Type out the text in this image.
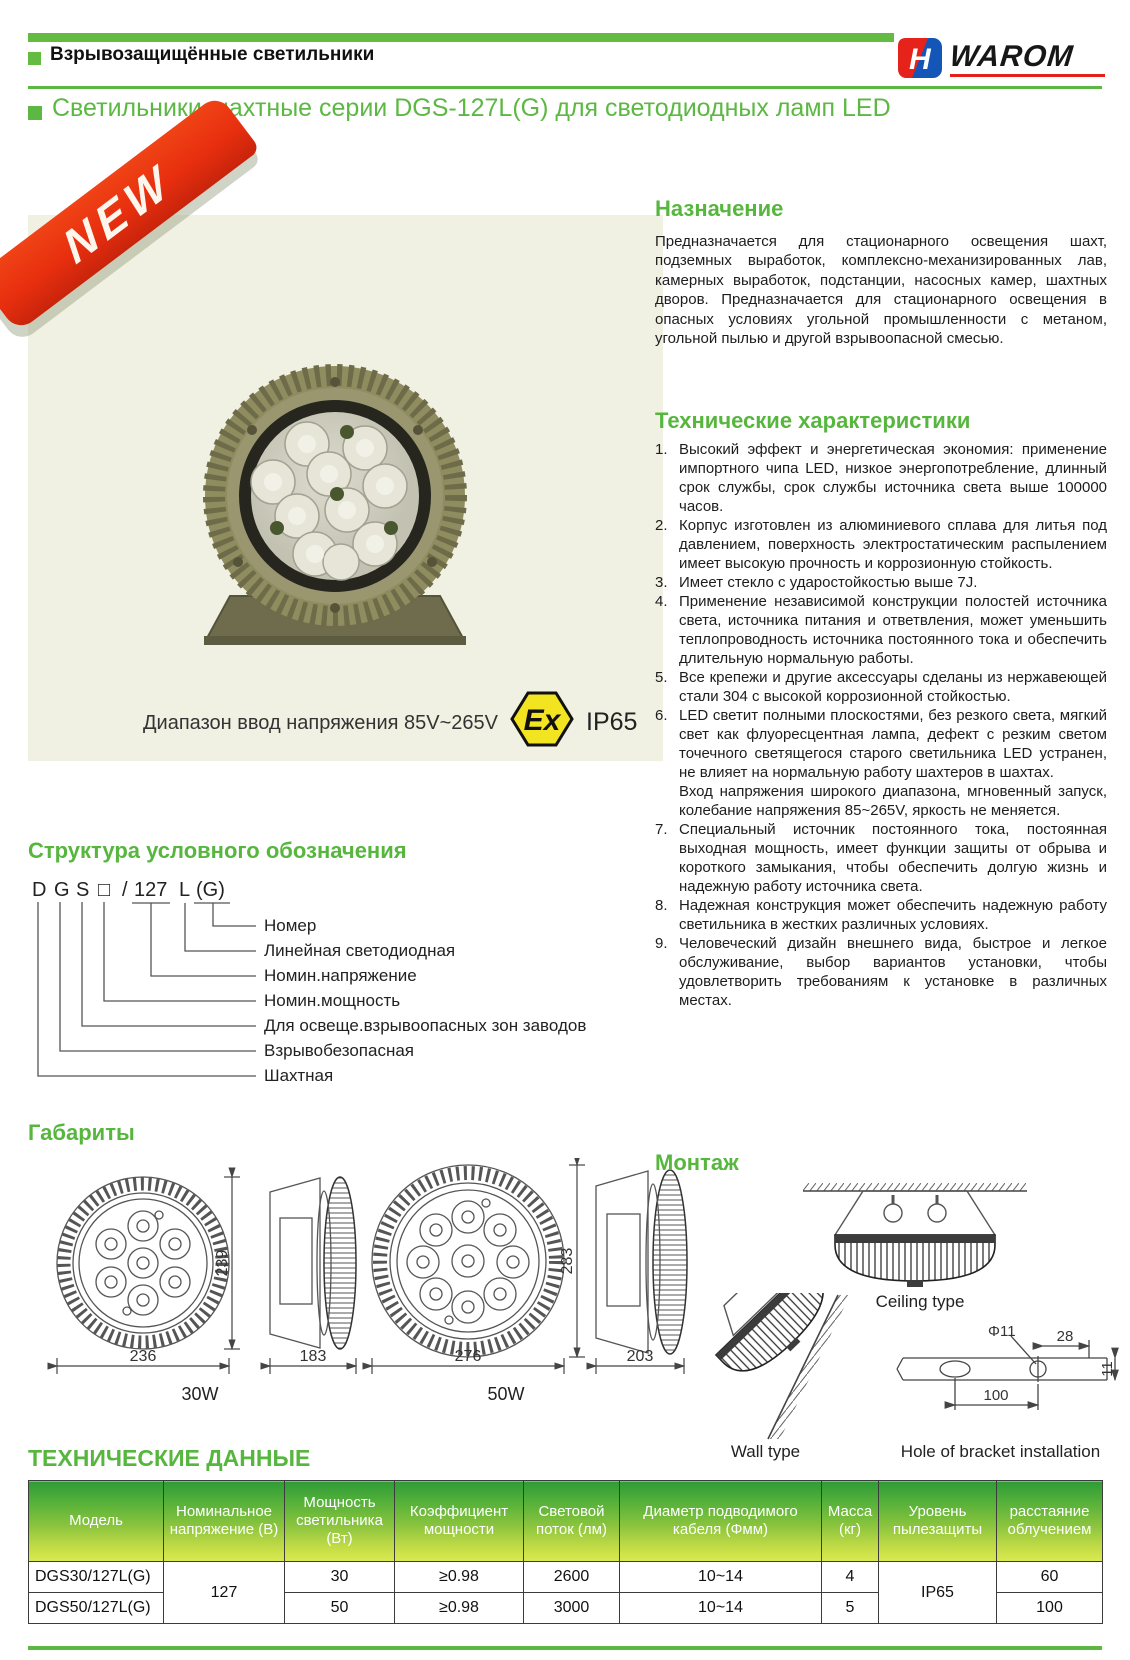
Взрывозащищённые светильники	H WAROM
Светильники шахтные серии DGS-127L(G) для светодиодных ламп LED
NEW
Диапазон ввод напряжения 85V~265V Ex IP65
Назначение
Предназначается для стационарного освещения шахт, подземных выработок, комплексно-механизированных лав, камерных выработок, подстанции, насосных камер, шахтных дворов. Предназначается для стационарного освещения в опасных условиях угольной промышленности с метаном, угольной пылью и другой взрывоопасной смесью.
Технические характеристики
1. Высокий эффект и энергетическая экономия: применение импортного чипа LED, низкое энергопотребление, длинный срок службы, срок службы источника света выше 100000 часов.
2. Корпус изготовлен из алюминиевого сплава для литья под давлением, поверхность электростатическим распылением имеет высокую прочность и коррозионную стойкость.
3. Имеет стекло с ударостойкостью выше 7J.
4. Применение независимой конструкции полостей источника света, источника питания и ответвления, может уменьшить теплопроводность источника постоянного тока и обеспечить длительную нормальную работы.
5. Все крепежи и другие аксессуары сделаны из нержавеющей стали 304 с высокой коррозионной стойкостью.
6. LED светит полными плоскостями, без резкого света, мягкий свет как флуоресцентная лампа, дефект с резким светом точечного светящегося старого светильника LED устранен, не влияет на нормальную работу шахтеров в шахтах.
Вход напряжения широкого диапазона, мгновенный запуск, колебание напряжения 85~265V, яркость не меняется.
7. Специальный источник постоянного тока, постоянная выходная мощность, имеет функции защиты от обрыва и короткого замыкания, чтобы обеспечить долгую жизнь и надежную работу источника света.
8. Надежная конструкция может обеспечить надежную работу светильника в жестких различных условиях.
9. Человеческий дизайн внешнего вида, быстрое и легкое обслуживание, выбор вариантов установки, чтобы удовлетворить требованиям к установке в различных местах.
Структура условного обозначения
D G S □ / 127 L (G)
Номер
Линейная светодиодная
Номин.напряжение
Номин.мощность
Для освеще.взрывоопасных зон заводов
Взрывобезопасная
Шахтная
Габариты
239
236	183
30W
283
276	203
50W
Монтаж
Ceiling type
Wall type
Φ11	28
11
100
Hole of bracket installation
ТЕХНИЧЕСКИЕ ДАННЫЕ
Модель	Номинальное напряжение (В)	Мощность светильника (Вт)	Коэффициент мощности	Световой поток (лм)	Диаметр подводимого кабеля (Φмм)	Масса (кг)	Уровень пылезащиты	расстаяние облучением
DGS30/127L(G)	127	30	≥0.98	2600	10~14	4	IP65	60
DGS50/127L(G)		50	≥0.98	3000	10~14	5		100
